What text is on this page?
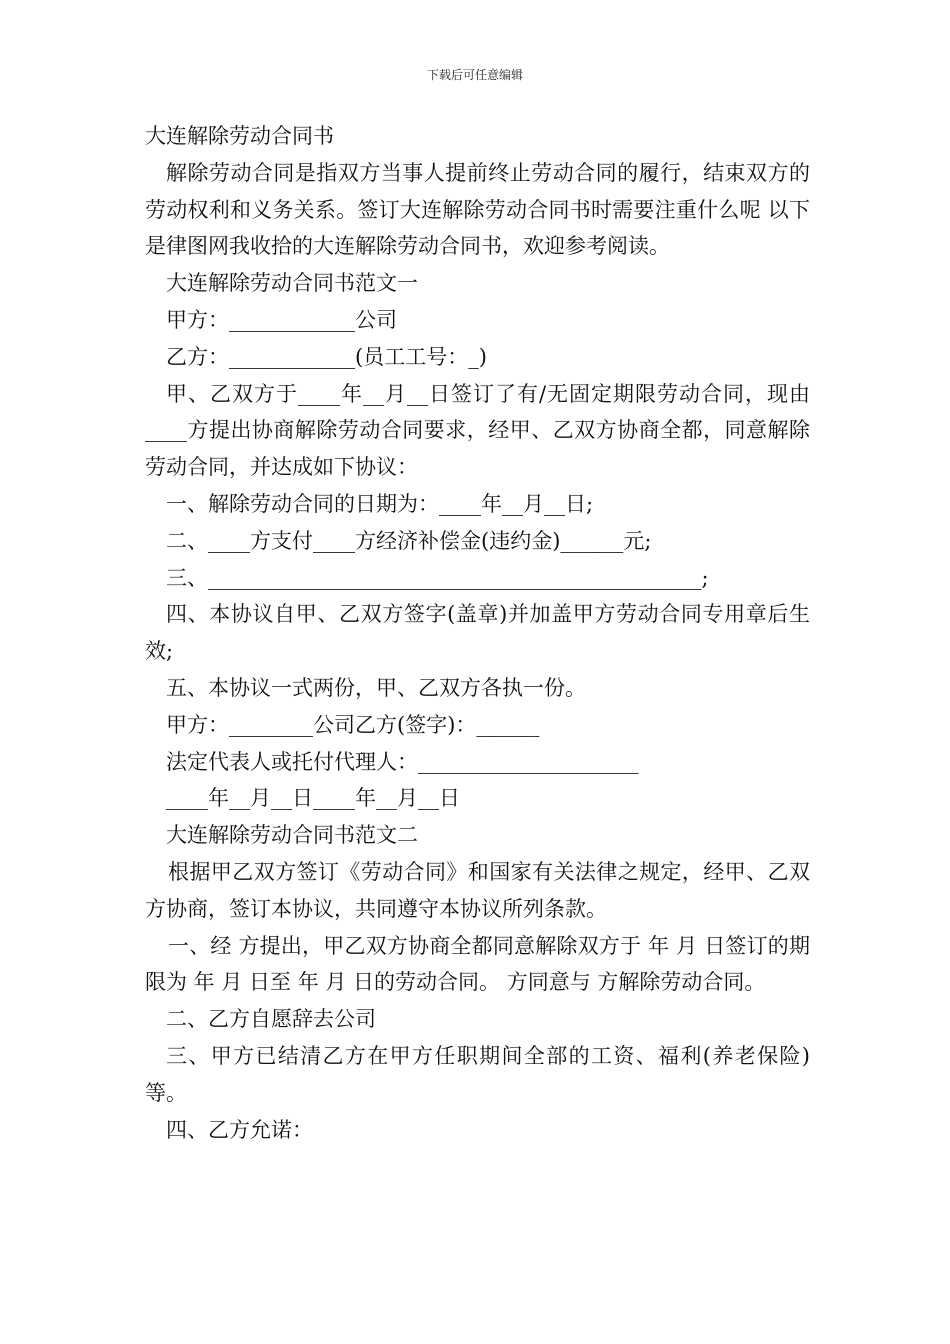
下载后可任意编辑

大连解除劳动合同书

解除劳动合同是指双方当事人提前终止劳动合同的履行，结束双方的劳动权利和义务关系。签订大连解除劳动合同书时需要注重什么呢 以下是律图网我收拾的大连解除劳动合同书，欢迎参考阅读。

大连解除劳动合同书范文一

甲方：____________公司

乙方：____________(员工工号：_)

甲、乙双方于____年__月__日签订了有/无固定期限劳动合同，现由____方提出协商解除劳动合同要求，经甲、乙双方协商全都，同意解除劳动合同，并达成如下协议：

一、解除劳动合同的日期为：____年__月__日;

二、____方支付____方经济补偿金(违约金)______元;

三、_______________________________________________;

四、本协议自甲、乙双方签字(盖章)并加盖甲方劳动合同专用章后生效;

五、本协议一式两份，甲、乙双方各执一份。

甲方：________公司乙方(签字)：______

法定代表人或托付代理人：_____________________

____年__月__日____年__月__日

大连解除劳动合同书范文二

根据甲乙双方签订《劳动合同》和国家有关法律之规定，经甲、乙双方协商，签订本协议，共同遵守本协议所列条款。

一、经 方提出，甲乙双方协商全都同意解除双方于 年 月 日签订的期限为 年 月 日至 年 月 日的劳动合同。 方同意与 方解除劳动合同。

二、乙方自愿辞去公司

三、甲方已结清乙方在甲方任职期间全部的工资、福利(养老保险)等。

四、乙方允诺：
